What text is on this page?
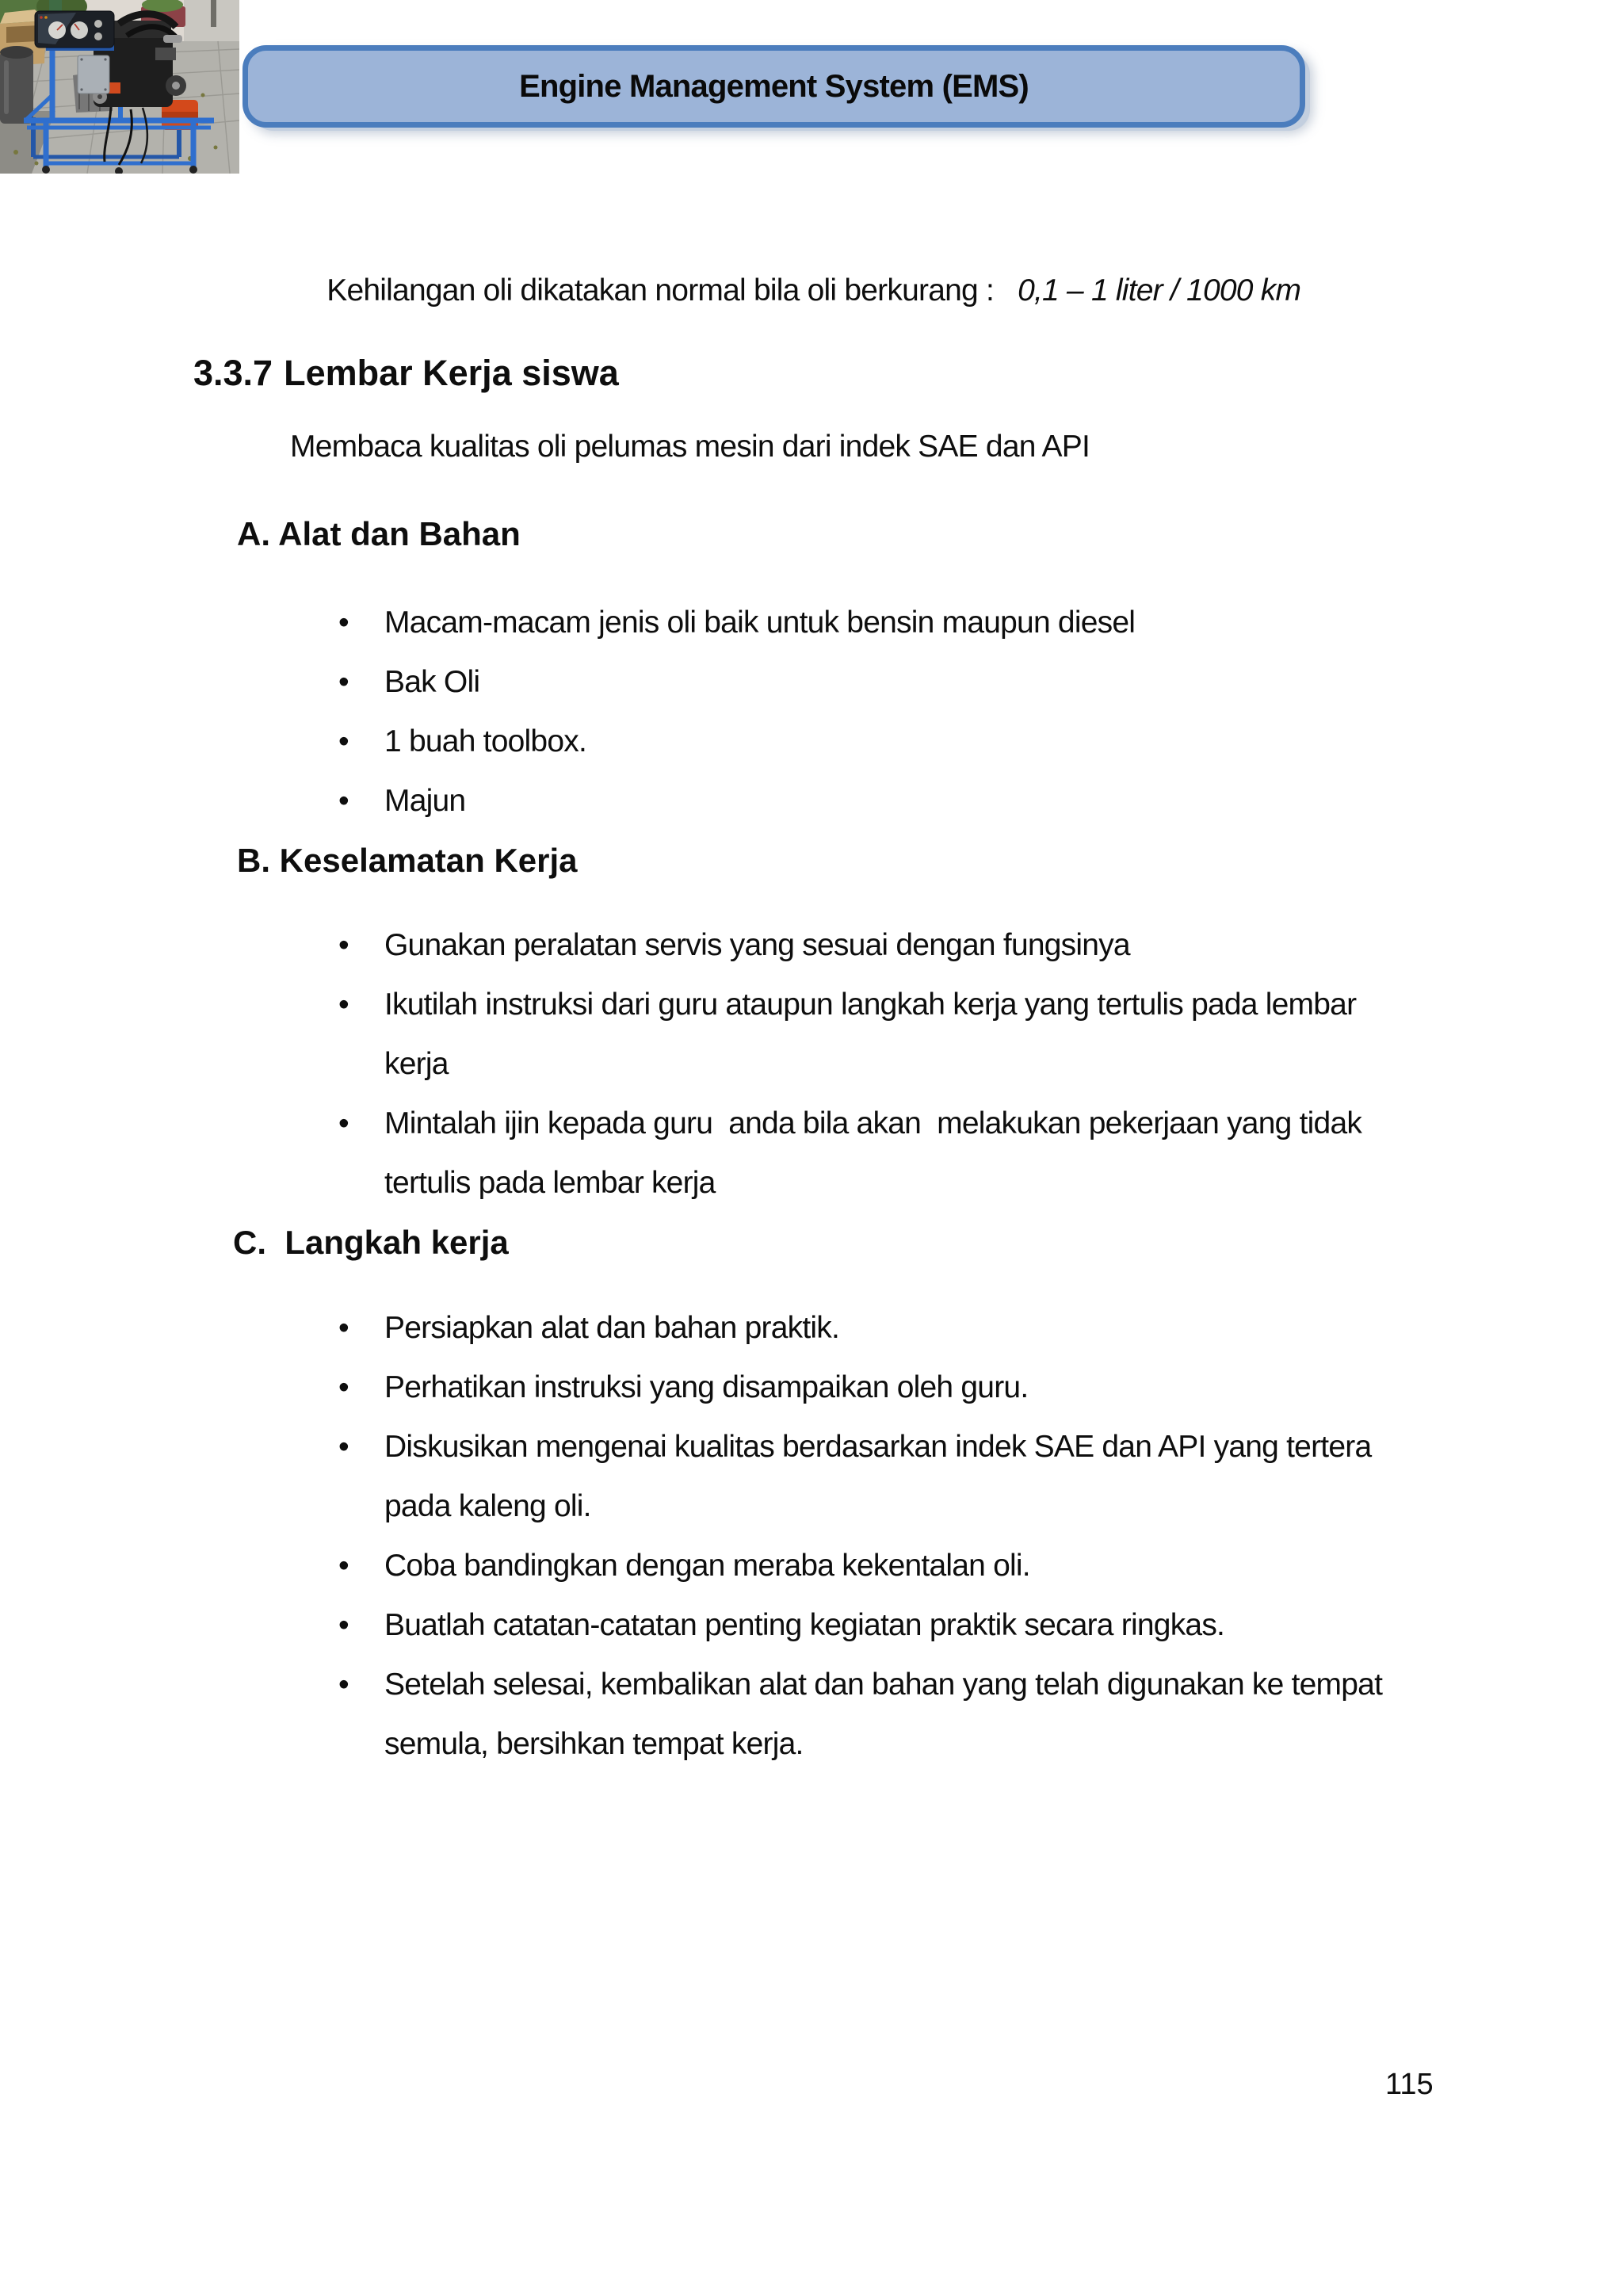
Engine Management System (EMS)

Kehilangan oli dikatakan normal bila oli berkurang : 0,1 – 1 liter / 1000 km

3.3.7 Lembar Kerja siswa
Membaca kualitas oli pelumas mesin dari indek SAE dan API
A. Alat dan Bahan
• Macam-macam jenis oli baik untuk bensin maupun diesel
• Bak Oli
• 1 buah toolbox.
• Majun
B. Keselamatan Kerja
• Gunakan peralatan servis yang sesuai dengan fungsinya
• Ikutilah instruksi dari guru ataupun langkah kerja yang tertulis pada lembar
kerja
• Mintalah ijin kepada guru  anda bila akan  melakukan pekerjaan yang tidak
tertulis pada lembar kerja
C.  Langkah kerja
• Persiapkan alat dan bahan praktik.
• Perhatikan instruksi yang disampaikan oleh guru.
• Diskusikan mengenai kualitas berdasarkan indek SAE dan API yang tertera
pada kaleng oli.
• Coba bandingkan dengan meraba kekentalan oli.
• Buatlah catatan-catatan penting kegiatan praktik secara ringkas.
• Setelah selesai, kembalikan alat dan bahan yang telah digunakan ke tempat
semula, bersihkan tempat kerja.
115
